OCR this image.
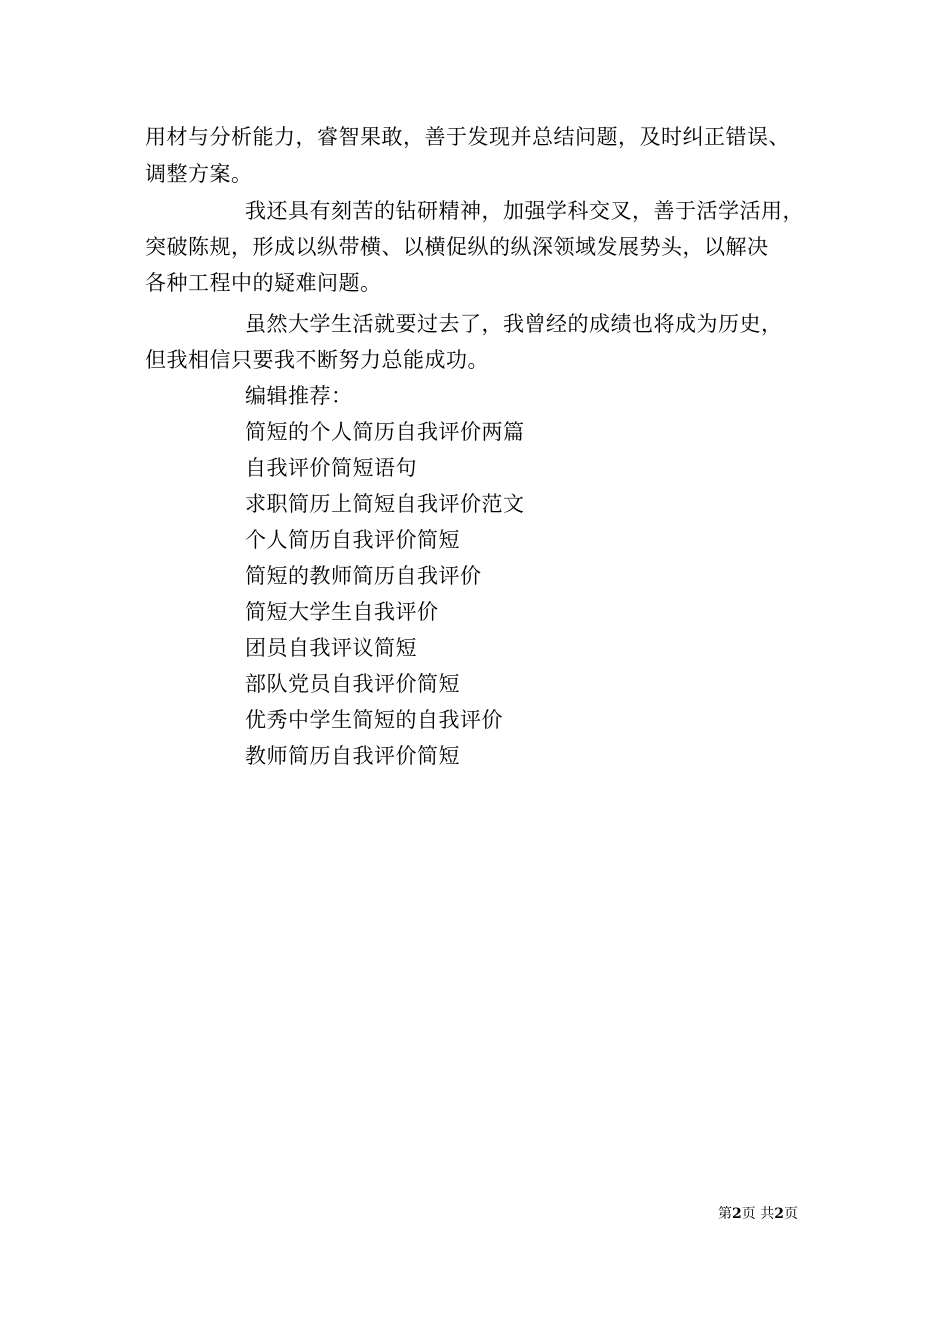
用材与分析能力，睿智果敢，善于发现并总结问题，及时纠正错误、
调整方案。
我还具有刻苦的钻研精神，加强学科交叉，善于活学活用，
突破陈规，形成以纵带横、以横促纵的纵深领域发展势头，以解决
各种工程中的疑难问题。
虽然大学生活就要过去了，我曾经的成绩也将成为历史，
但我相信只要我不断努力总能成功。
编辑推荐：
简短的个人简历自我评价两篇
自我评价简短语句
求职简历上简短自我评价范文
个人简历自我评价简短
简短的教师简历自我评价
简短大学生自我评价
团员自我评议简短
部队党员自我评价简短
优秀中学生简短的自我评价
教师简历自我评价简短
第2页 共2页
